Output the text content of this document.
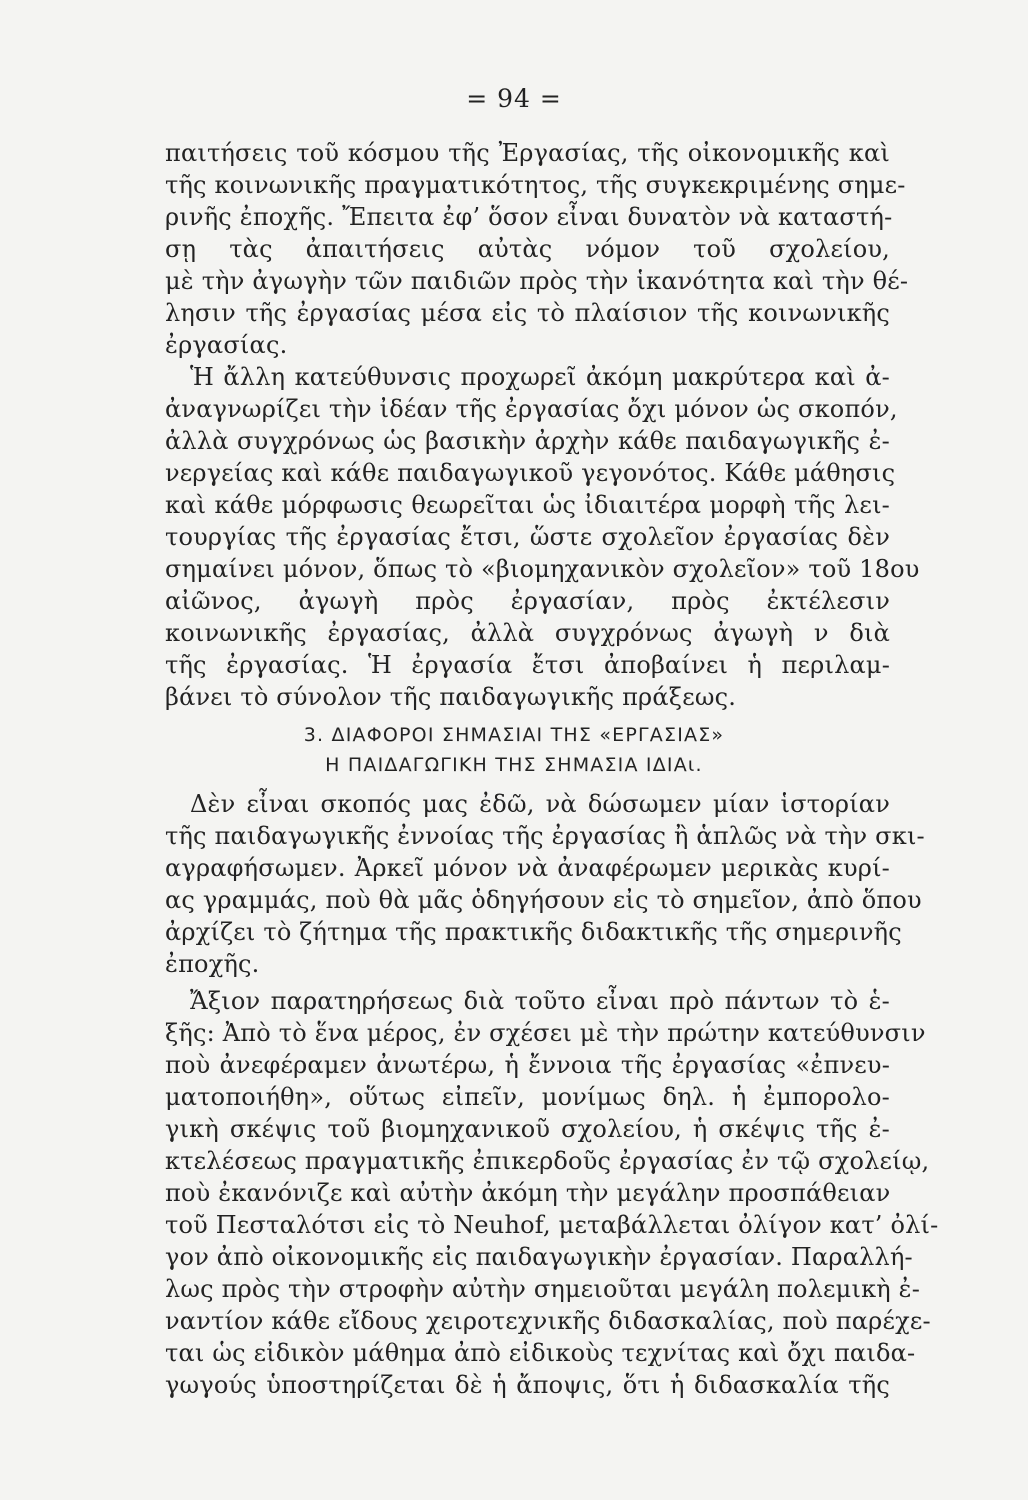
= 94 =
παιτήσεις τοῦ κόσμου τῆς Ἐργασίας, τῆς οἰκονομικῆς καὶ
τῆς κοινωνικῆς πραγματικότητος, τῆς συγκεκριμένης σημε-
ρινῆς ἐποχῆς. Ἔπειτα ἐφ’ ὅσον εἶναι δυνατὸν νὰ καταστή-
σῃ τὰς ἀπαιτήσεις αὐτὰς νόμον τοῦ σχολείου,
μὲ τὴν ἀγωγὴν τῶν παιδιῶν πρὸς τὴν ἱκανότητα καὶ τὴν θέ-
λησιν τῆς ἐργασίας μέσα εἰς τὸ πλαίσιον τῆς κοινωνικῆς
ἐργασίας.
Ἡ ἄλλη κατεύθυνσις προχωρεῖ ἀκόμη μακρύτερα καὶ ἀ-
ἀναγνωρίζει τὴν ἰδέαν τῆς ἐργασίας ὄχι μόνον ὡς σκοπόν,
ἀλλὰ συγχρόνως ὡς βασικὴν ἀρχὴν κάθε παιδαγωγικῆς ἐ-
νεργείας καὶ κάθε παιδαγωγικοῦ γεγονότος. Κάθε μάθησις
καὶ κάθε μόρφωσις θεωρεῖται ὡς ἰδιαιτέρα μορφὴ τῆς λει-
τουργίας τῆς ἐργασίας ἔτσι, ὥστε σχολεῖον ἐργασίας δὲν
σημαίνει μόνον, ὅπως τὸ «βιομηχανικὸν σχολεῖον» τοῦ 18ου
αἰῶνος, ἀγωγὴ πρὸς ἐργασίαν, πρὸς ἐκτέλεσιν
κοινωνικῆς ἐργασίας, ἀλλὰ συγχρόνως ἀγωγὴ ν διὰ
τῆς ἐργασίας. Ἡ ἐργασία ἔτσι ἀποβαίνει ἡ περιλαμ-
βάνει τὸ σύνολον τῆς παιδαγωγικῆς πράξεως.
3. ΔΙΑΦΟΡΟΙ ΣΗΜΑΣΙΑΙ ΤΗΣ «ΕΡΓΑΣΙΑΣ»
Η ΠΑΙΔΑΓΩΓΙΚΗ ΤΗΣ ΣΗΜΑΣΙΑ ΙΔΙΑι.
Δὲν εἶναι σκοπός μας ἐδῶ, νὰ δώσωμεν μίαν ἱστορίαν
τῆς παιδαγωγικῆς ἐννοίας τῆς ἐργασίας ἢ ἁπλῶς νὰ τὴν σκι-
αγραφήσωμεν. Ἀρκεῖ μόνον νὰ ἀναφέρωμεν μερικὰς κυρί-
ας γραμμάς, ποὺ θὰ μᾶς ὁδηγήσουν εἰς τὸ σημεῖον, ἀπὸ ὅπου
ἀρχίζει τὸ ζήτημα τῆς πρακτικῆς διδακτικῆς τῆς σημερινῆς
ἐποχῆς.
Ἄξιον παρατηρήσεως διὰ τοῦτο εἶναι πρὸ πάντων τὸ ἑ-
ξῆς: Ἀπὸ τὸ ἕνα μέρος, ἐν σχέσει μὲ τὴν πρώτην κατεύθυνσιν
ποὺ ἀνεφέραμεν ἀνωτέρω, ἡ ἔννοια τῆς ἐργασίας «ἐπνευ-
ματοποιήθη», οὕτως εἰπεῖν, μονίμως δηλ. ἡ ἐμπορολο-
γικὴ σκέψις τοῦ βιομηχανικοῦ σχολείου, ἡ σκέψις τῆς ἐ-
κτελέσεως πραγματικῆς ἐπικερδοῦς ἐργασίας ἐν τῷ σχολείῳ,
ποὺ ἐκανόνιζε καὶ αὐτὴν ἀκόμη τὴν μεγάλην προσπάθειαν
τοῦ Πεσταλότσι εἰς τὸ Neuhof, μεταβάλλεται ὀλίγον κατ’ ὀλί-
γον ἀπὸ οἰκονομικῆς εἰς παιδαγωγικὴν ἐργασίαν. Παραλλή-
λως πρὸς τὴν στροφὴν αὐτὴν σημειοῦται μεγάλη πολεμικὴ ἐ-
ναντίον κάθε εἴδους χειροτεχνικῆς διδασκαλίας, ποὺ παρέχε-
ται ὡς εἰδικὸν μάθημα ἀπὸ εἰδικοὺς τεχνίτας καὶ ὄχι παιδα-
γωγούς ὑποστηρίζεται δὲ ἡ ἄποψις, ὅτι ἡ διδασκαλία τῆς
